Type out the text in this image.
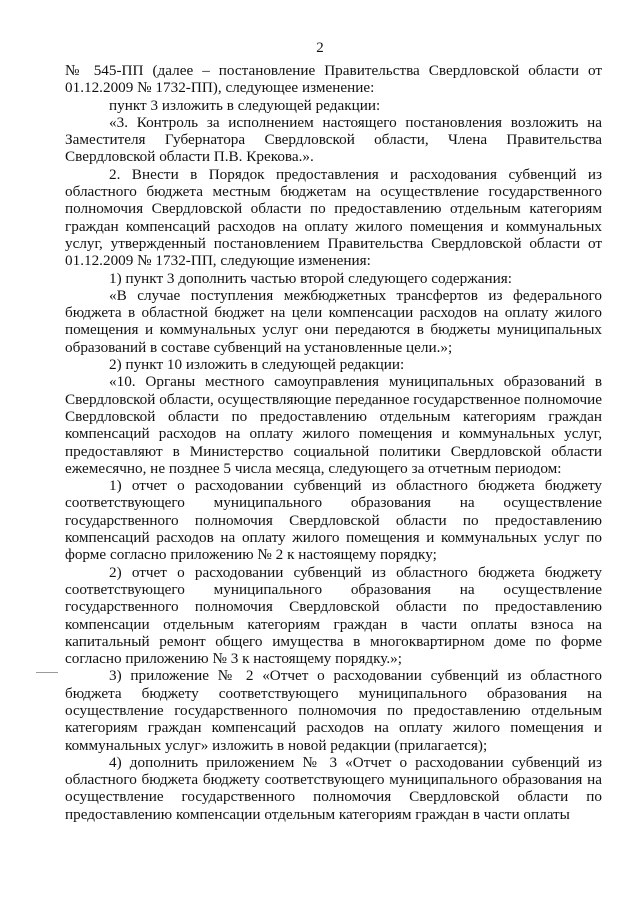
2

№ 545-ПП (далее – постановление Правительства Свердловской области от 01.12.2009 № 1732-ПП), следующее изменение:

пункт 3 изложить в следующей редакции:

«3. Контроль за исполнением настоящего постановления возложить на Заместителя Губернатора Свердловской области, Члена Правительства Свердловской области П.В. Крекова.».

2. Внести в Порядок предоставления и расходования субвенций из областного бюджета местным бюджетам на осуществление государственного полномочия Свердловской области по предоставлению отдельным категориям граждан компенсаций расходов на оплату жилого помещения и коммунальных услуг, утвержденный постановлением Правительства Свердловской области от 01.12.2009 № 1732-ПП, следующие изменения:

1) пункт 3 дополнить частью второй следующего содержания:

«В случае поступления межбюджетных трансфертов из федерального бюджета в областной бюджет на цели компенсации расходов на оплату жилого помещения и коммунальных услуг они передаются в бюджеты муниципальных образований в составе субвенций на установленные цели.»;

2) пункт 10 изложить в следующей редакции:

«10. Органы местного самоуправления муниципальных образований в Свердловской области, осуществляющие переданное государственное полномочие Свердловской области по предоставлению отдельным категориям граждан компенсаций расходов на оплату жилого помещения и коммунальных услуг, предоставляют в Министерство социальной политики Свердловской области ежемесячно, не позднее 5 числа месяца, следующего за отчетным периодом:

1) отчет о расходовании субвенций из областного бюджета бюджету соответствующего муниципального образования на осуществление государственного полномочия Свердловской области по предоставлению компенсаций расходов на оплату жилого помещения и коммунальных услуг по форме согласно приложению № 2 к настоящему порядку;

2) отчет о расходовании субвенций из областного бюджета бюджету соответствующего муниципального образования на осуществление государственного полномочия Свердловской области по предоставлению компенсации отдельным категориям граждан в части оплаты взноса на капитальный ремонт общего имущества в многоквартирном доме по форме согласно приложению № 3 к настоящему порядку.»;

3) приложение № 2 «Отчет о расходовании субвенций из областного бюджета бюджету соответствующего муниципального образования на осуществление государственного полномочия по предоставлению отдельным категориям граждан компенсаций расходов на оплату жилого помещения и коммунальных услуг» изложить в новой редакции (прилагается);

4) дополнить приложением № 3 «Отчет о расходовании субвенций из областного бюджета бюджету соответствующего муниципального образования на осуществление государственного полномочия Свердловской области по предоставлению компенсации отдельным категориям граждан в части оплаты
